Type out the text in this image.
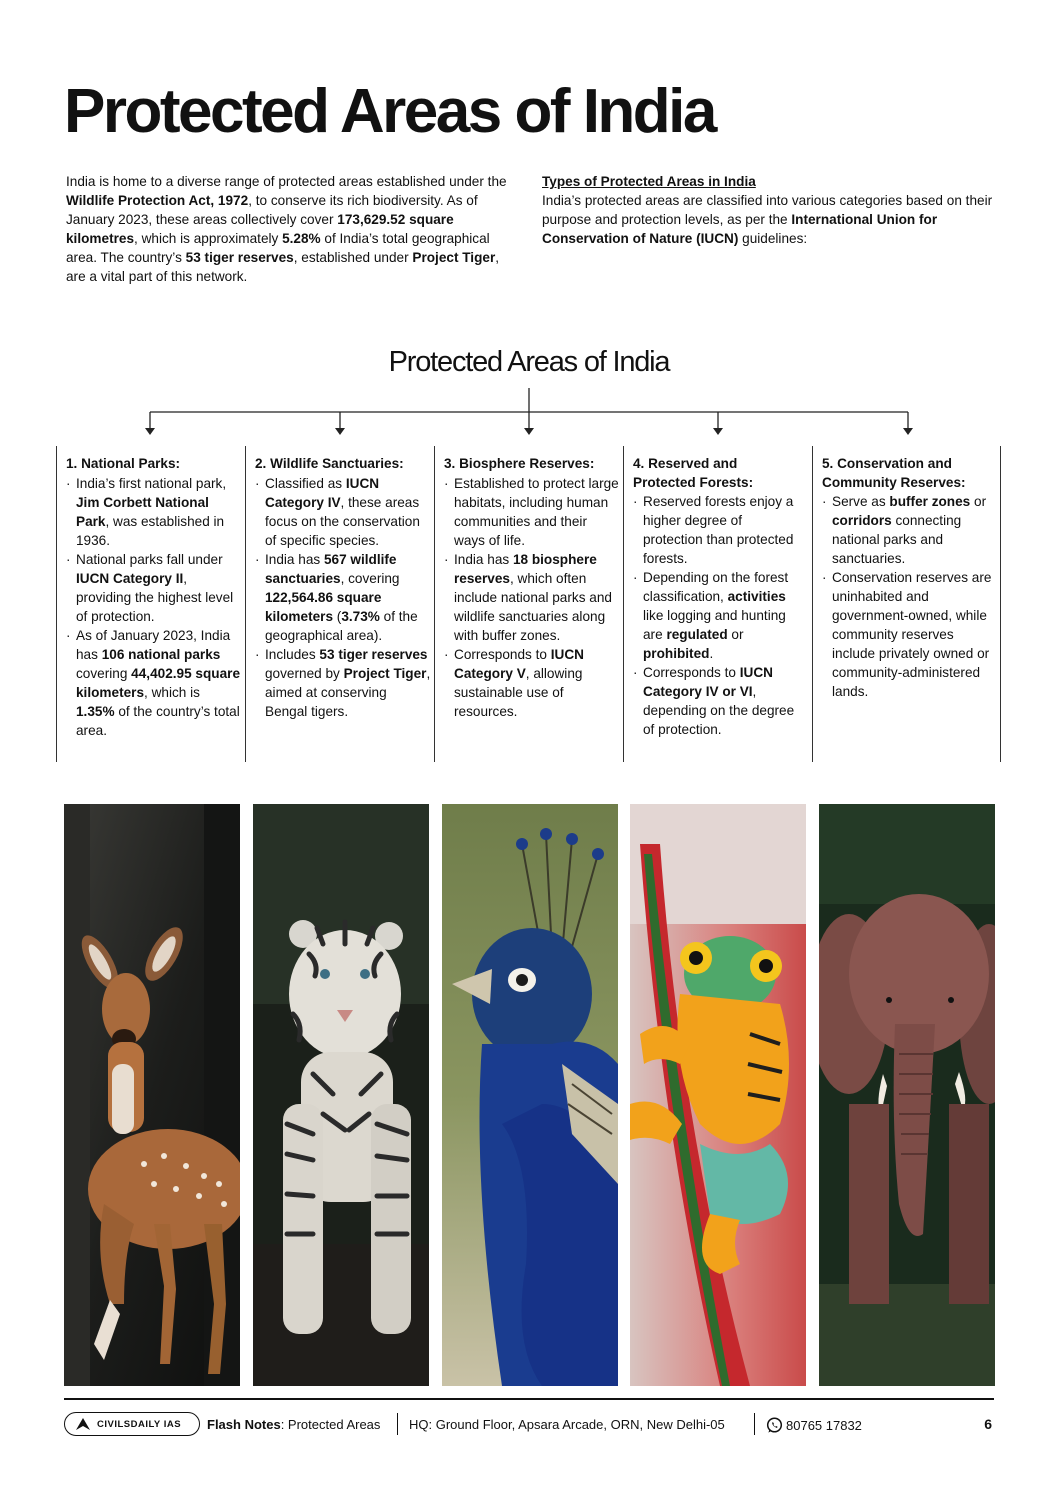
Protected Areas of India

India is home to a diverse range of protected areas established under the Wildlife Protection Act, 1972, to conserve its rich biodiversity. As of January 2023, these areas collectively cover 173,629.52 square kilometres, which is approximately 5.28% of India’s total geographical area. The country’s 53 tiger reserves, established under Project Tiger, are a vital part of this network.

Types of Protected Areas in India
India’s protected areas are classified into various categories based on their purpose and protection levels, as per the International Union for Conservation of Nature (IUCN) guidelines:
Protected Areas of India
1. National Parks:
· India’s first national park, Jim Corbett National Park, was established in 1936.
· National parks fall under IUCN Category II, providing the highest level of protection.
· As of January 2023, India has 106 national parks covering 44,402.95 square kilometers, which is 1.35% of the country’s total area.
2. Wildlife Sanctuaries:
· Classified as IUCN Category IV, these areas focus on the conservation of specific species.
· India has 567 wildlife sanctuaries, covering 122,564.86 square kilometers (3.73% of the geographical area).
· Includes 53 tiger reserves governed by Project Tiger, aimed at conserving Bengal tigers.
3. Biosphere Reserves:
· Established to protect large habitats, including human communities and their ways of life.
· India has 18 biosphere reserves, which often include national parks and wildlife sanctuaries along with buffer zones.
· Corresponds to IUCN Category V, allowing sustainable use of resources.
4. Reserved and Protected Forests:
· Reserved forests enjoy a higher degree of protection than protected forests.
· Depending on the forest classification, activities like logging and hunting are regulated or prohibited.
· Corresponds to IUCN Category IV or VI, depending on the degree of protection.
5. Conservation and Community Reserves:
· Serve as buffer zones or corridors connecting national parks and sanctuaries.
· Conservation reserves are uninhabited and government-owned, while community reserves include privately owned or community-administered lands.
CIVILSDAILY IAS Flash Notes: Protected Areas HQ: Ground Floor, Apsara Arcade, ORN, New Delhi-05	80765 17832	6
